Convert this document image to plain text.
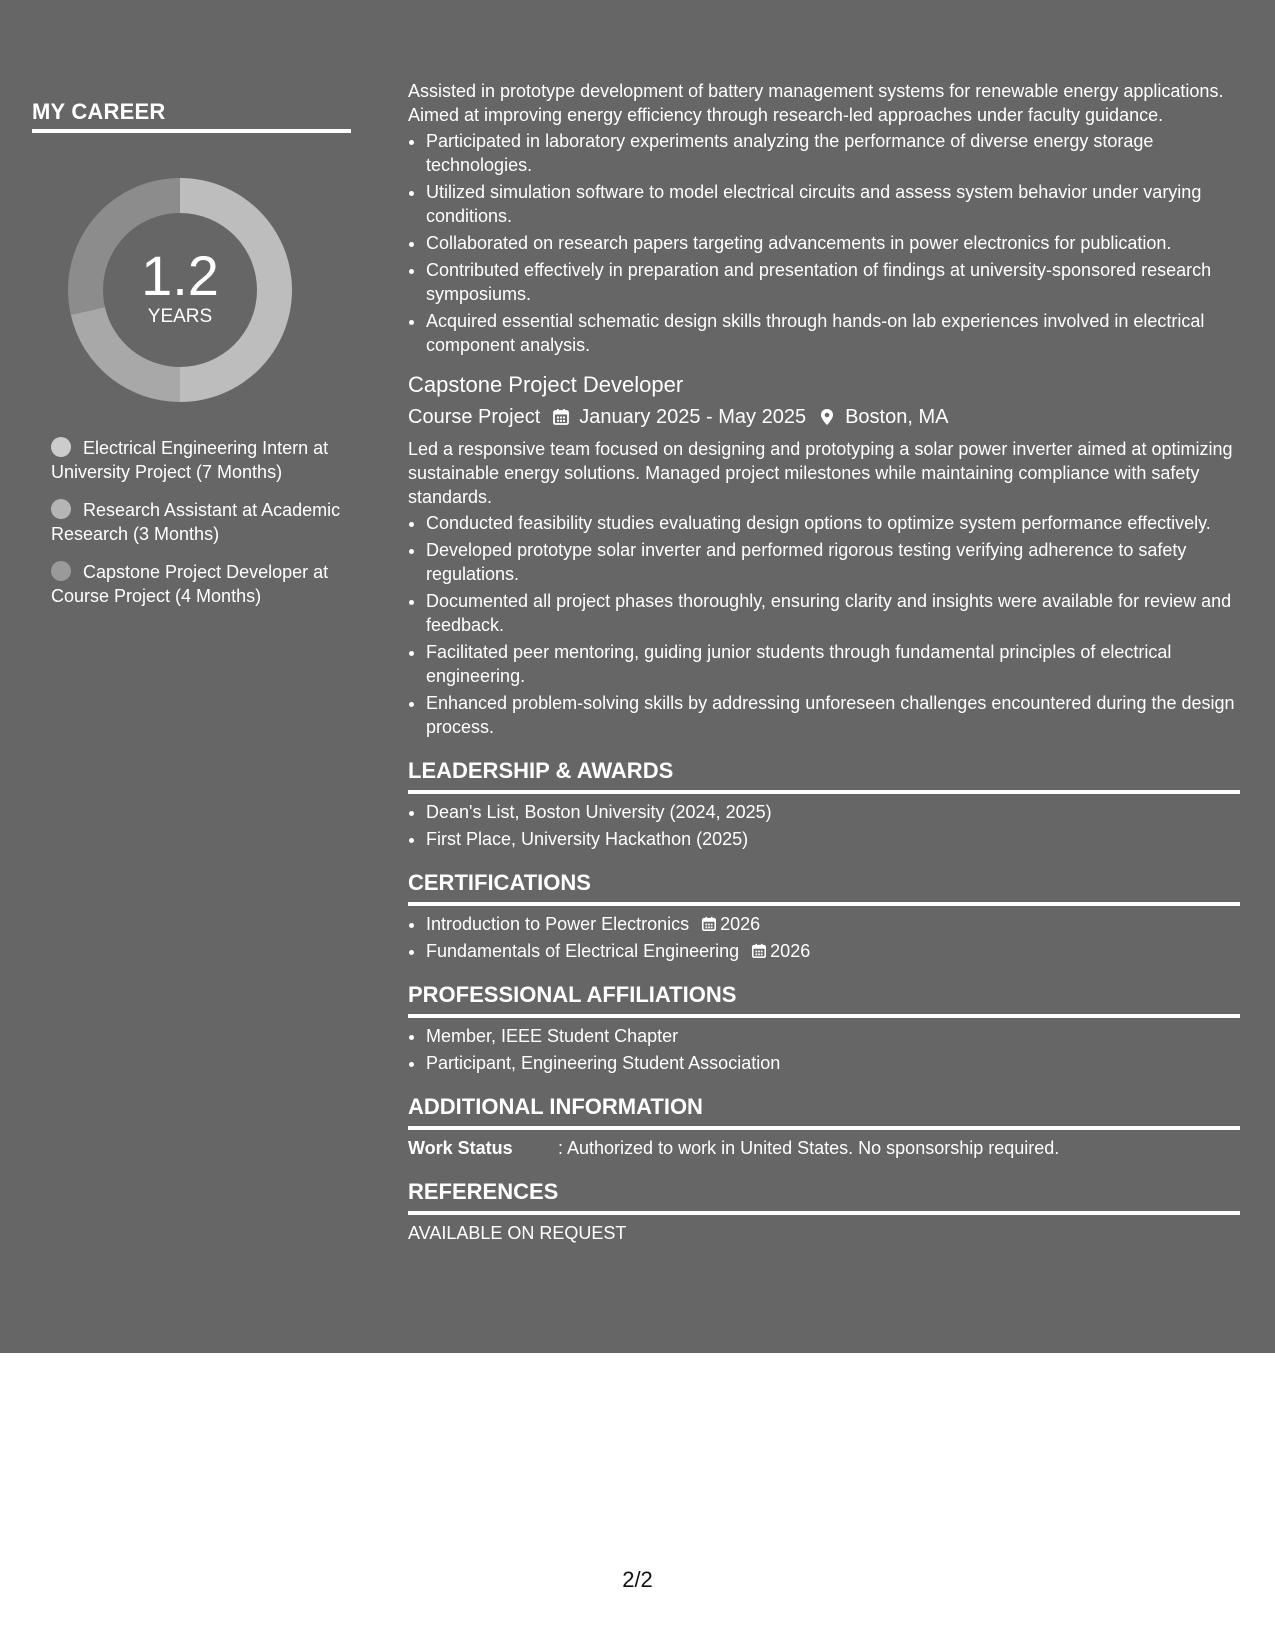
MY CAREER
1.2
YEARS
Electrical Engineering Intern at University Project (7 Months)
Research Assistant at Academic Research (3 Months)
Capstone Project Developer at Course Project (4 Months)

Assisted in prototype development of battery management systems for renewable energy applications. Aimed at improving energy efficiency through research-led approaches under faculty guidance.

• Participated in laboratory experiments analyzing the performance of diverse energy storage technologies.
• Utilized simulation software to model electrical circuits and assess system behavior under varying conditions.
• Collaborated on research papers targeting advancements in power electronics for publication.
• Contributed effectively in preparation and presentation of findings at university-sponsored research symposiums.
• Acquired essential schematic design skills through hands-on lab experiences involved in electrical component analysis.
Capstone Project Developer
Course Project January 2025 - May 2025 Boston, MA

Led a responsive team focused on designing and prototyping a solar power inverter aimed at optimizing sustainable energy solutions. Managed project milestones while maintaining compliance with safety standards.

• Conducted feasibility studies evaluating design options to optimize system performance effectively.
• Developed prototype solar inverter and performed rigorous testing verifying adherence to safety regulations.
• Documented all project phases thoroughly, ensuring clarity and insights were available for review and feedback.
• Facilitated peer mentoring, guiding junior students through fundamental principles of electrical engineering.
• Enhanced problem-solving skills by addressing unforeseen challenges encountered during the design process.
LEADERSHIP & AWARDS
• Dean's List, Boston University (2024, 2025)
• First Place, University Hackathon (2025)
CERTIFICATIONS
• Introduction to Power Electronics 2026
• Fundamentals of Electrical Engineering 2026
PROFESSIONAL AFFILIATIONS
• Member, IEEE Student Chapter
• Participant, Engineering Student Association
ADDITIONAL INFORMATION
Work Status	: Authorized to work in United States. No sponsorship required.
REFERENCES
AVAILABLE ON REQUEST
2/2
